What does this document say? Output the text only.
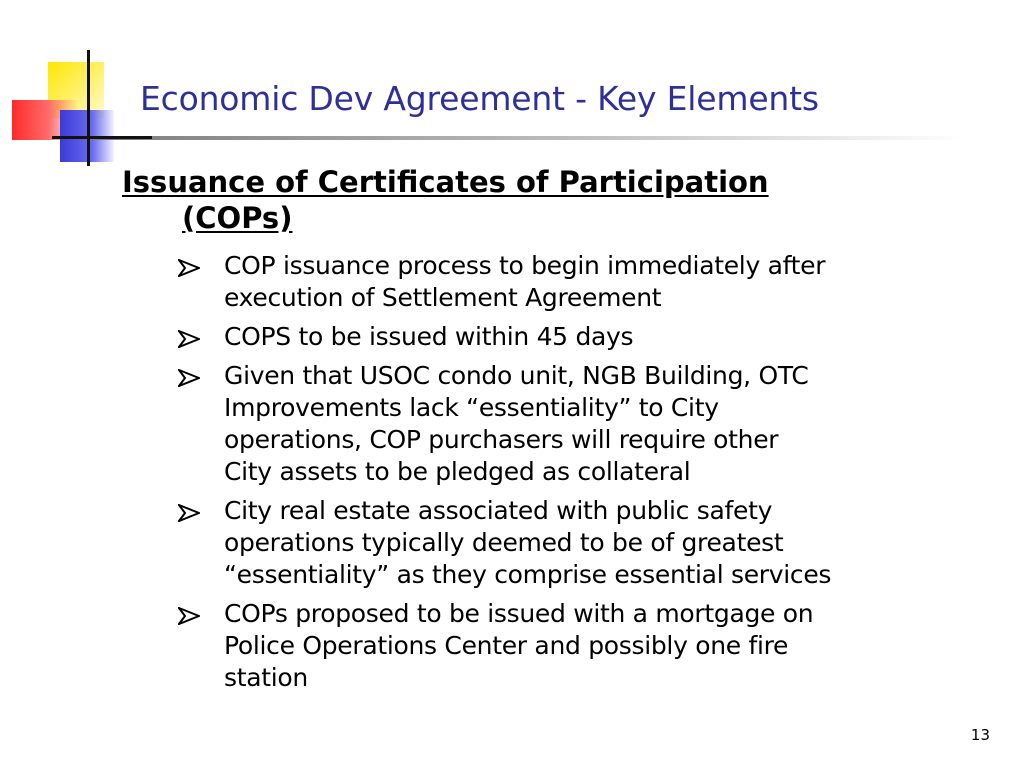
Economic Dev Agreement - Key Elements
Issuance of Certificates of Participation
(COPs)
COP issuance process to begin immediately after
execution of Settlement Agreement
COPS to be issued within 45 days
Given that USOC condo unit, NGB Building, OTC
Improvements lack “essentiality” to City
operations, COP purchasers will require other
City assets to be pledged as collateral
City real estate associated with public safety
operations typically deemed to be of greatest
“essentiality” as they comprise essential services
COPs proposed to be issued with a mortgage on
Police Operations Center and possibly one fire
station
13
